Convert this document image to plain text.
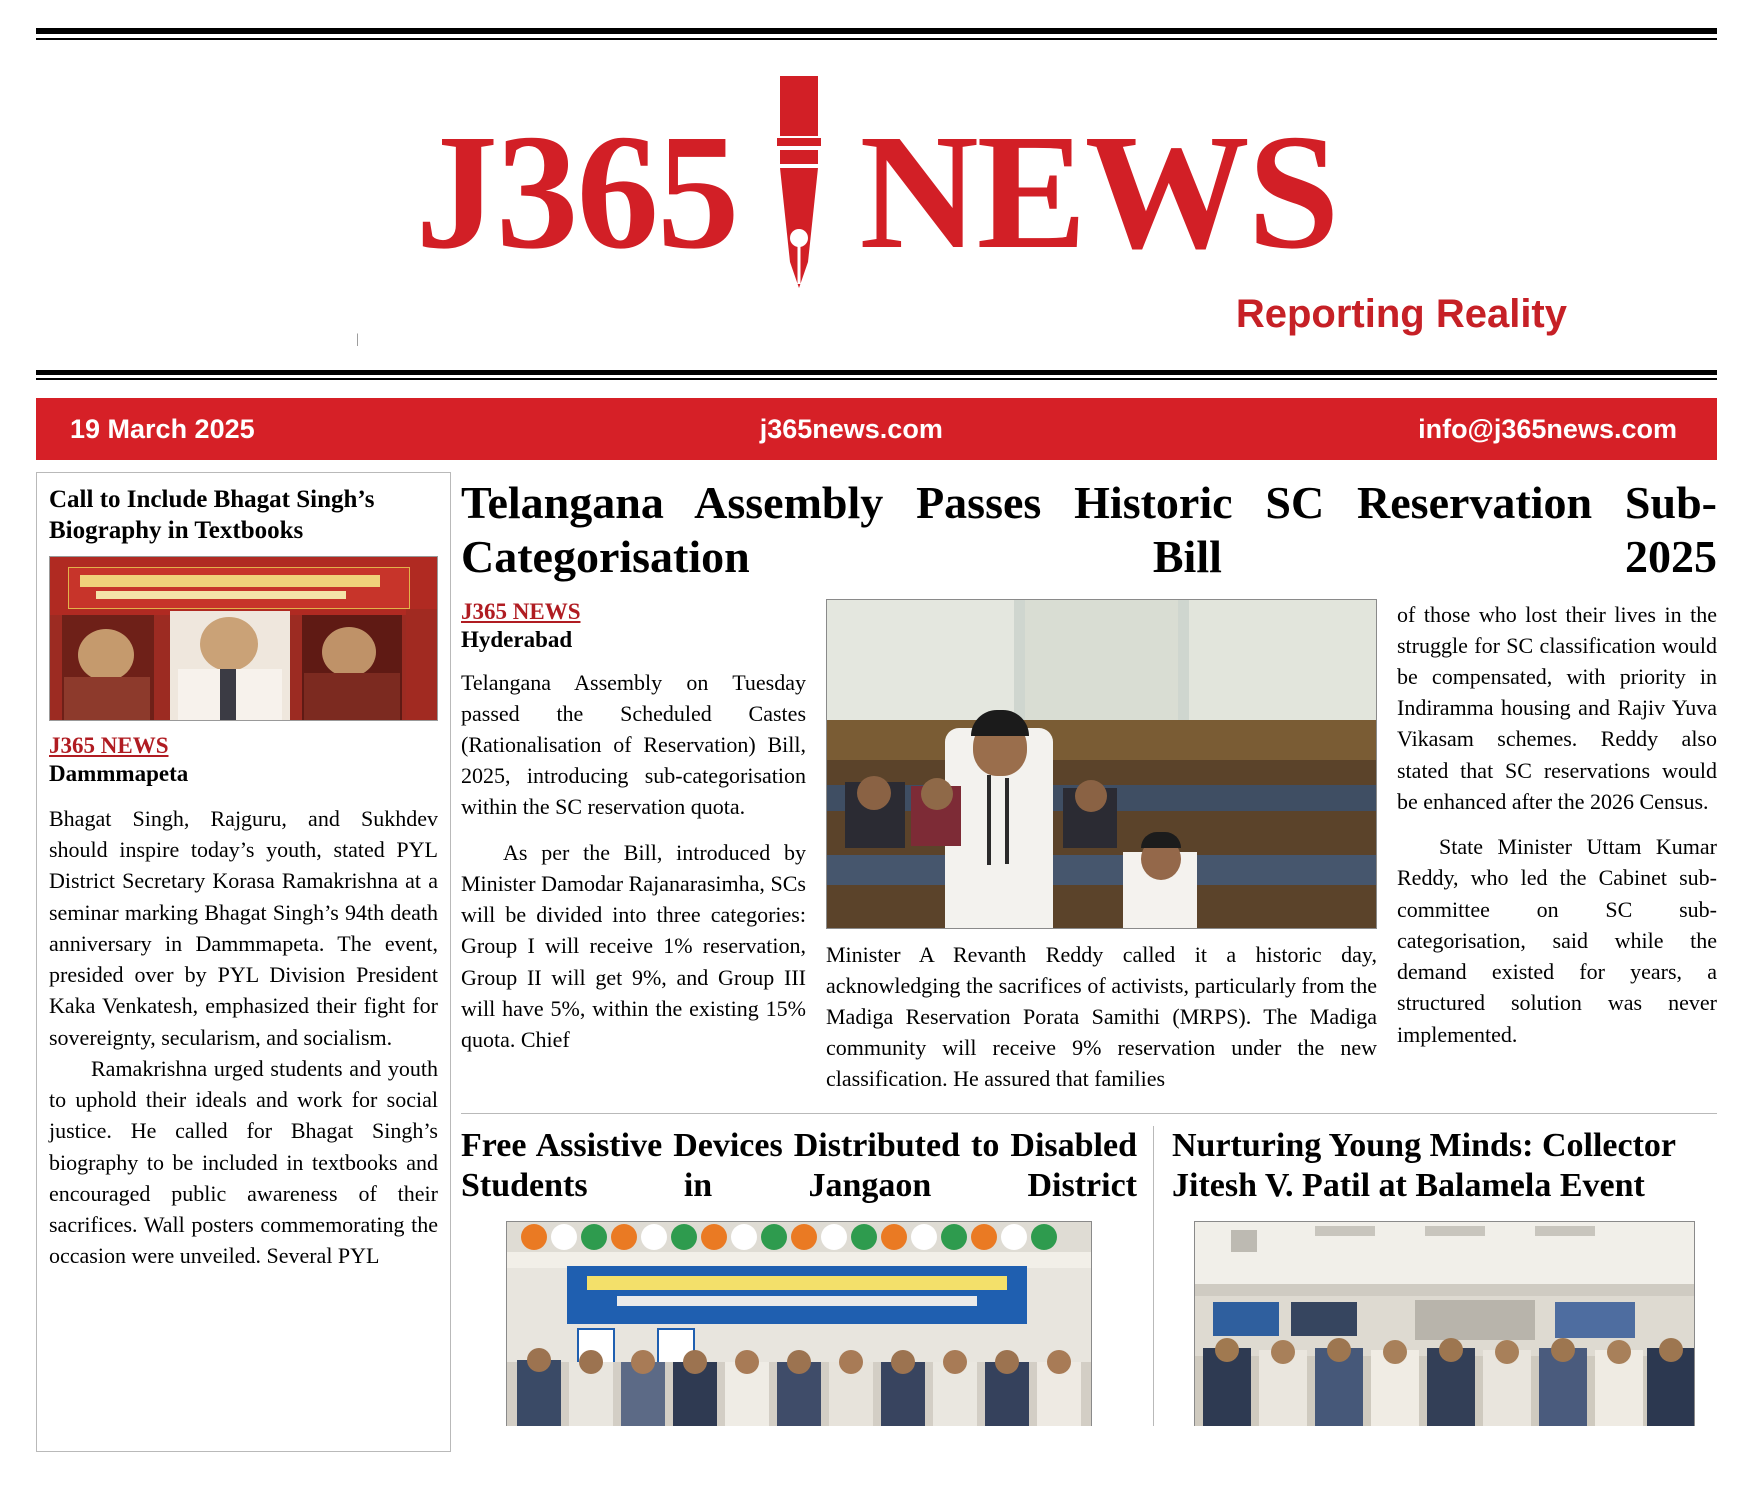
J365 NEWS
Reporting Reality
|
19 March 2025	j365news.com	info@j365news.com
Call to Include Bhagat Singh’s Biography in Textbooks
J365 NEWS
Dammmapeta

Bhagat Singh, Rajguru, and Sukhdev should inspire today’s youth, stated PYL District Secretary Korasa Ramakrishna at a seminar marking Bhagat Singh’s 94th death anniversary in Dammmapeta. The event, presided over by PYL Division President Kaka Venkatesh, emphasized their fight for sovereignty, secularism, and socialism.

Ramakrishna urged students and youth to uphold their ideals and work for social justice. He called for Bhagat Singh’s biography to be included in textbooks and encouraged public awareness of their sacrifices. Wall posters commemorating the occasion were unveiled. Several PYL

Telangana Assembly Passes Historic SC Reservation Sub-Categorisation Bill 2025
J365 NEWS
Hyderabad

Telangana Assembly on Tuesday passed the Scheduled Castes (Rationalisation of Reservation) Bill, 2025, introducing sub-categorisation within the SC reservation quota.

As per the Bill, introduced by Minister Damodar Rajanarasimha, SCs will be divided into three categories: Group I will receive 1% reservation, Group II will get 9%, and Group III will have 5%, within the existing 15% quota. Chief

Minister A Revanth Reddy called it a historic day, acknowledging the sacrifices of activists, particularly from the Madiga Reservation Porata Samithi (MRPS). The Madiga community will receive 9% reservation under the new classification. He assured that families

of those who lost their lives in the struggle for SC classification would be compensated, with priority in Indiramma housing and Rajiv Yuva Vikasam schemes. Reddy also stated that SC reservations would be enhanced after the 2026 Census.

State Minister Uttam Kumar Reddy, who led the Cabinet sub-committee on SC sub-categorisation, said while the demand existed for years, a structured solution was never implemented.

Free Assistive Devices Distributed to Disabled Students in Jangaon District
Nurturing Young Minds: Collector Jitesh V. Patil at Balamela Event
